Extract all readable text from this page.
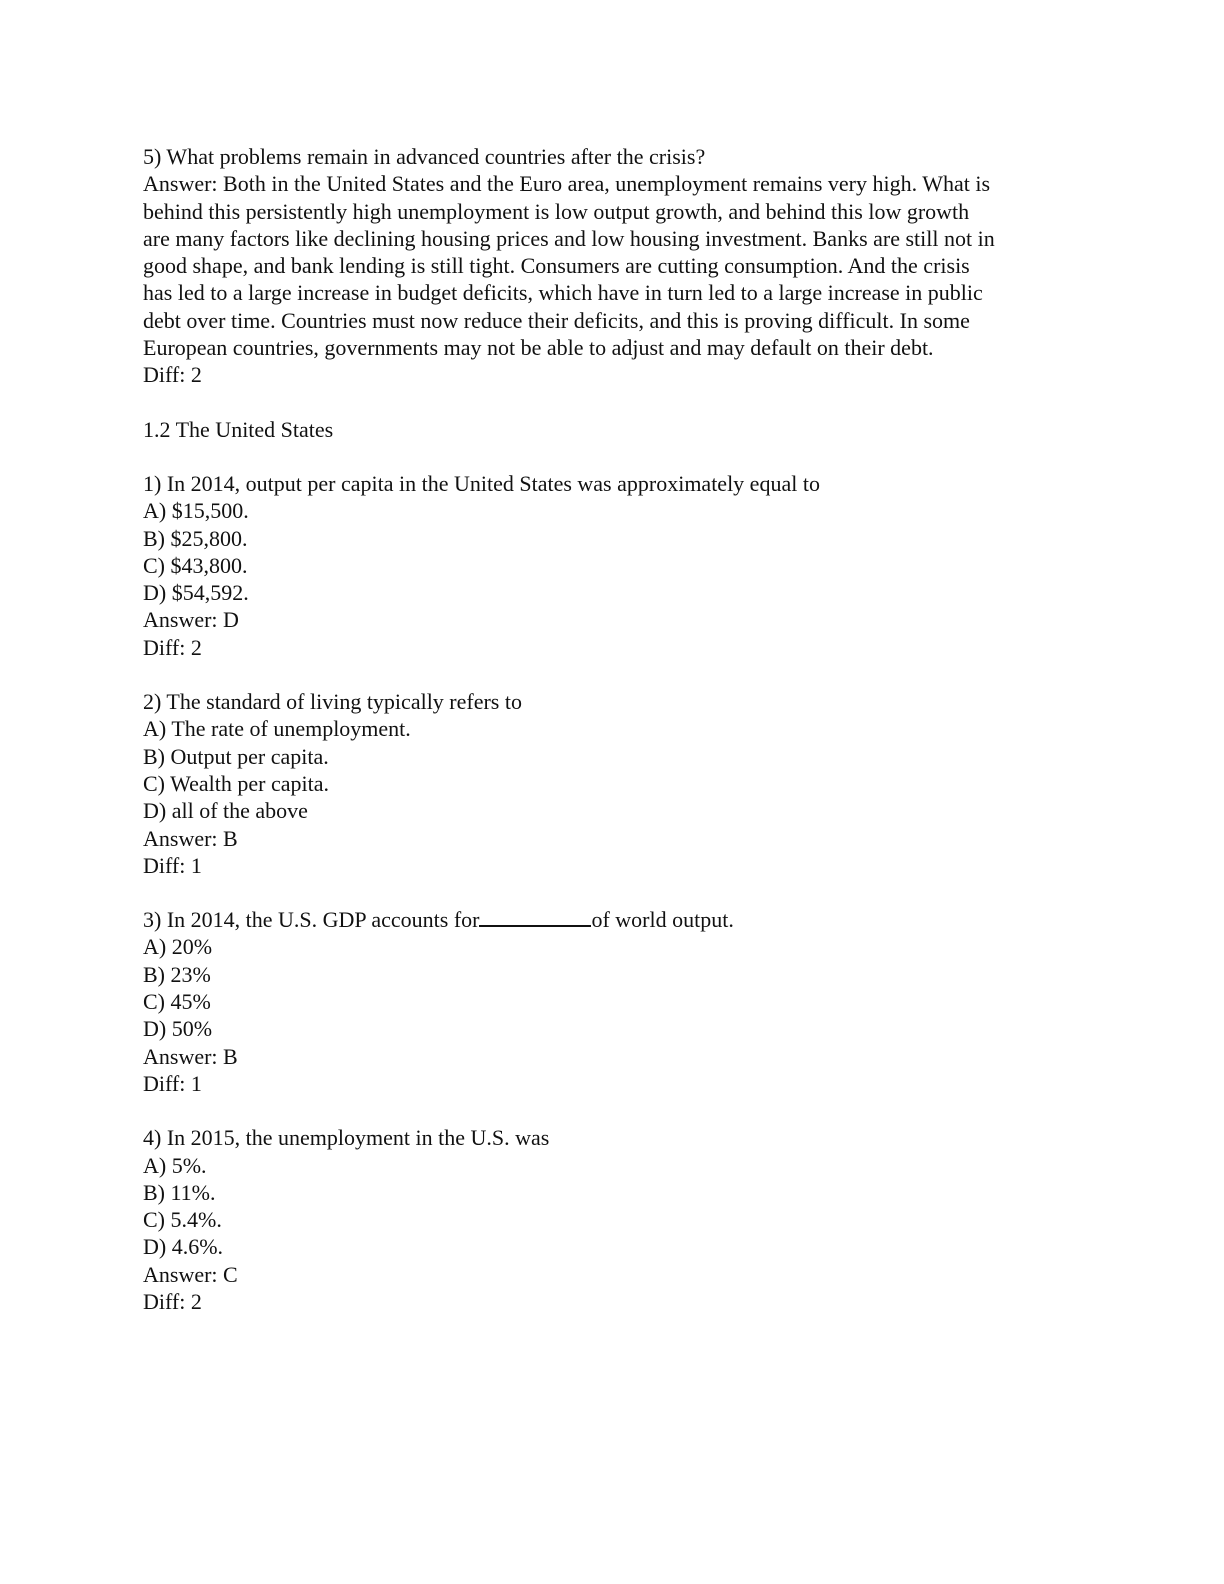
5) What problems remain in advanced countries after the crisis?
Answer: Both in the United States and the Euro area, unemployment remains very high. What is
behind this persistently high unemployment is low output growth, and behind this low growth
are many factors like declining housing prices and low housing investment. Banks are still not in
good shape, and bank lending is still tight. Consumers are cutting consumption. And the crisis
has led to a large increase in budget deficits, which have in turn led to a large increase in public
debt over time. Countries must now reduce their deficits, and this is proving difficult. In some
European countries, governments may not be able to adjust and may default on their debt.
Diff: 2
1.2 The United States
1) In 2014, output per capita in the United States was approximately equal to
A) $15,500.
B) $25,800.
C) $43,800.
D) $54,592.
Answer: D
Diff: 2
2) The standard of living typically refers to
A) The rate of unemployment.
B) Output per capita.
C) Wealth per capita.
D) all of the above
Answer: B
Diff: 1
3) In 2014, the U.S. GDP accounts for	of world output.
A) 20%
B) 23%
C) 45%
D) 50%
Answer: B
Diff: 1
4) In 2015, the unemployment in the U.S. was
A) 5%.
B) 11%.
C) 5.4%.
D) 4.6%.
Answer: C
Diff: 2
